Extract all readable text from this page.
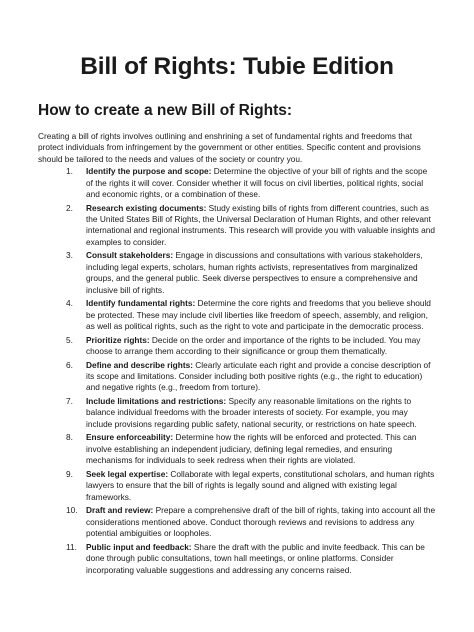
Bill of Rights: Tubie Edition
How to create a new Bill of Rights:

Creating a bill of rights involves outlining and enshrining a set of fundamental rights and freedoms that protect individuals from infringement by the government or other entities. Specific content and provisions should be tailored to the needs and values of the society or country you.

1. Identify the purpose and scope: Determine the objective of your bill of rights and the scope of the rights it will cover. Consider whether it will focus on civil liberties, political rights, social and economic rights, or a combination of these.
2. Research existing documents: Study existing bills of rights from different countries, such as the United States Bill of Rights, the Universal Declaration of Human Rights, and other relevant international and regional instruments. This research will provide you with valuable insights and examples to consider.
3. Consult stakeholders: Engage in discussions and consultations with various stakeholders, including legal experts, scholars, human rights activists, representatives from marginalized groups, and the general public. Seek diverse perspectives to ensure a comprehensive and inclusive bill of rights.
4. Identify fundamental rights: Determine the core rights and freedoms that you believe should be protected. These may include civil liberties like freedom of speech, assembly, and religion, as well as political rights, such as the right to vote and participate in the democratic process.
5. Prioritize rights: Decide on the order and importance of the rights to be included. You may choose to arrange them according to their significance or group them thematically.
6. Define and describe rights: Clearly articulate each right and provide a concise description of its scope and limitations. Consider including both positive rights (e.g., the right to education) and negative rights (e.g., freedom from torture).
7. Include limitations and restrictions: Specify any reasonable limitations on the rights to balance individual freedoms with the broader interests of society. For example, you may include provisions regarding public safety, national security, or restrictions on hate speech.
8. Ensure enforceability: Determine how the rights will be enforced and protected. This can involve establishing an independent judiciary, defining legal remedies, and ensuring mechanisms for individuals to seek redress when their rights are violated.
9. Seek legal expertise: Collaborate with legal experts, constitutional scholars, and human rights lawyers to ensure that the bill of rights is legally sound and aligned with existing legal frameworks.
10. Draft and review: Prepare a comprehensive draft of the bill of rights, taking into account all the considerations mentioned above. Conduct thorough reviews and revisions to address any potential ambiguities or loopholes.
11. Public input and feedback: Share the draft with the public and invite feedback. This can be done through public consultations, town hall meetings, or online platforms. Consider incorporating valuable suggestions and addressing any concerns raised.
